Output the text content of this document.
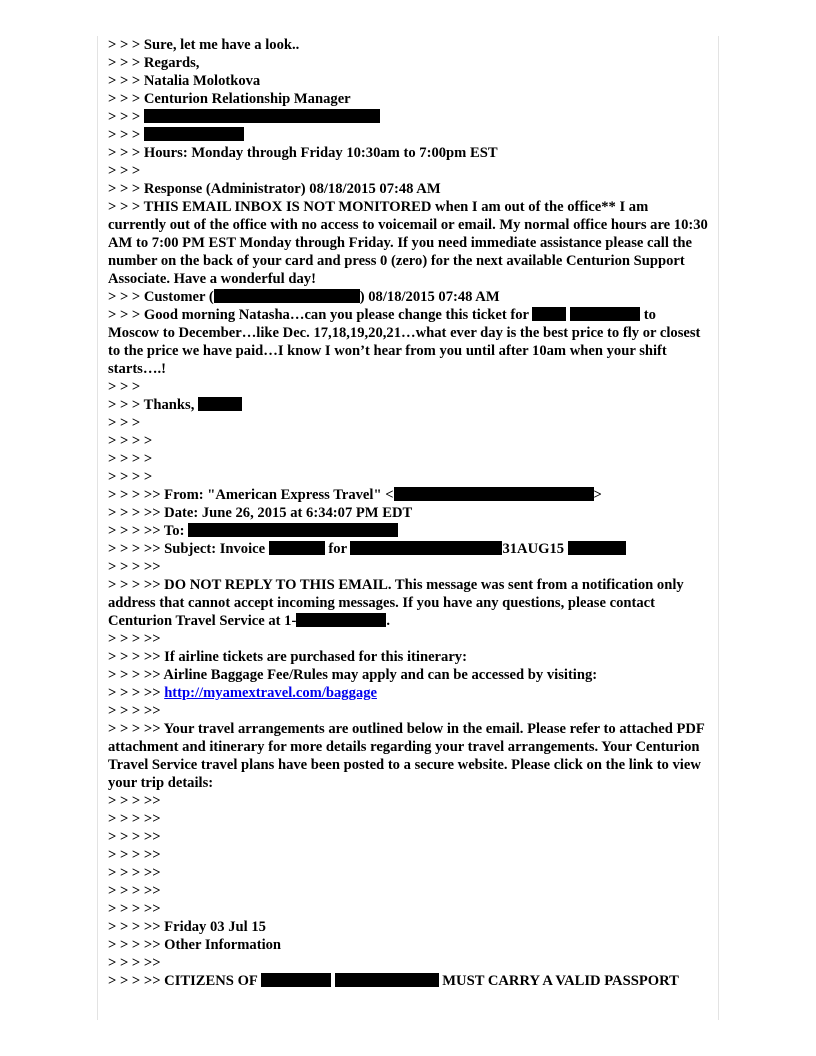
> > > Sure, let me have a look..
> > > Regards,
> > > Natalia Molotkova
> > > Centurion Relationship Manager
> > >
> > >
> > > Hours: Monday through Friday 10:30am to 7:00pm EST
> > >
> > > Response (Administrator) 08/18/2015 07:48 AM
> > > THIS EMAIL INBOX IS NOT MONITORED when I am out of the office** I am currently out of the office with no access to voicemail or email. My normal office hours are 10:30 AM to 7:00 PM EST Monday through Friday. If you need immediate assistance please call the number on the back of your card and press 0 (zero) for the next available Centurion Support Associate. Have a wonderful day!
> > > Customer (	) 08/18/2015 07:48 AM
> > > Good morning Natasha…can you please change this ticket for	to Moscow to December…like Dec. 17,18,19,20,21…what ever day is the best price to fly or closest to the price we have paid…I know I won’t hear from you until after 10am when your shift starts….!
> > >
> > > Thanks,
> > >
> > > >
> > > >
> > > >
> > > >> From: "American Express Travel" <	>
> > > >> Date: June 26, 2015 at 6:34:07 PM EDT
> > > >> To:
> > > >> Subject: Invoice	for	31AUG15
> > > >>
> > > >> DO NOT REPLY TO THIS EMAIL. This message was sent from a notification only address that cannot accept incoming messages. If you have any questions, please contact Centurion Travel Service at 1-	.
> > > >>
> > > >> If airline tickets are purchased for this itinerary:
> > > >> Airline Baggage Fee/Rules may apply and can be accessed by visiting:
> > > >> http://myamextravel.com/baggage
> > > >>
> > > >> Your travel arrangements are outlined below in the email. Please refer to attached PDF attachment and itinerary for more details regarding your travel arrangements. Your Centurion Travel Service travel plans have been posted to a secure website. Please click on the link to view your trip details:
> > > >>
> > > >>
> > > >>
> > > >>
> > > >>
> > > >>
> > > >>
> > > >> Friday 03 Jul 15
> > > >> Other Information
> > > >>
> > > >> CITIZENS OF	MUST CARRY A VALID PASSPORT
